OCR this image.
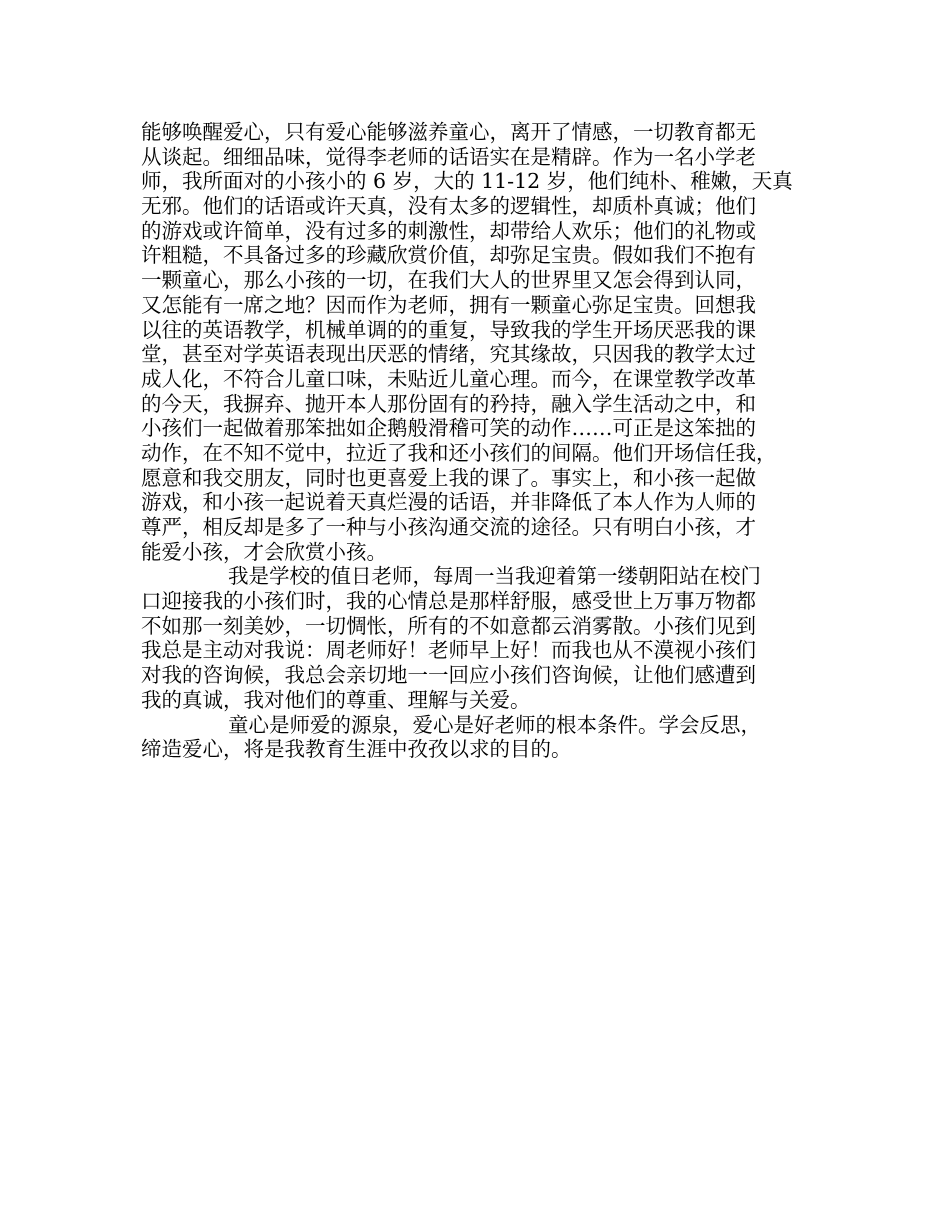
能够唤醒爱心，只有爱心能够滋养童心，离开了情感，一切教育都无
从谈起。细细品味，觉得李老师的话语实在是精辟。作为一名小学老
师，我所面对的小孩小的 6 岁，大的 11-12 岁，他们纯朴、稚嫩，天真
无邪。他们的话语或许天真，没有太多的逻辑性，却质朴真诚；他们
的游戏或许简单，没有过多的刺激性，却带给人欢乐；他们的礼物或
许粗糙，不具备过多的珍藏欣赏价值，却弥足宝贵。假如我们不抱有
一颗童心，那么小孩的一切，在我们大人的世界里又怎会得到认同，
又怎能有一席之地？因而作为老师，拥有一颗童心弥足宝贵。回想我
以往的英语教学，机械单调的的重复，导致我的学生开场厌恶我的课
堂，甚至对学英语表现出厌恶的情绪，究其缘故，只因我的教学太过
成人化，不符合儿童口味，未贴近儿童心理。而今，在课堂教学改革
的今天，我摒弃、抛开本人那份固有的矜持，融入学生活动之中，和
小孩们一起做着那笨拙如企鹅般滑稽可笑的动作……可正是这笨拙的
动作，在不知不觉中，拉近了我和还小孩们的间隔。他们开场信任我，
愿意和我交朋友，同时也更喜爱上我的课了。事实上，和小孩一起做
游戏，和小孩一起说着天真烂漫的话语，并非降低了本人作为人师的
尊严，相反却是多了一种与小孩沟通交流的途径。只有明白小孩，才
能爱小孩，才会欣赏小孩。
我是学校的值日老师，每周一当我迎着第一缕朝阳站在校门
口迎接我的小孩们时，我的心情总是那样舒服，感受世上万事万物都
不如那一刻美妙，一切惆怅，所有的不如意都云消雾散。小孩们见到
我总是主动对我说：周老师好！老师早上好！而我也从不漠视小孩们
对我的咨询候，我总会亲切地一一回应小孩们咨询候，让他们感遭到
我的真诚，我对他们的尊重、理解与关爱。
童心是师爱的源泉，爱心是好老师的根本条件。学会反思，
缔造爱心，将是我教育生涯中孜孜以求的目的。
